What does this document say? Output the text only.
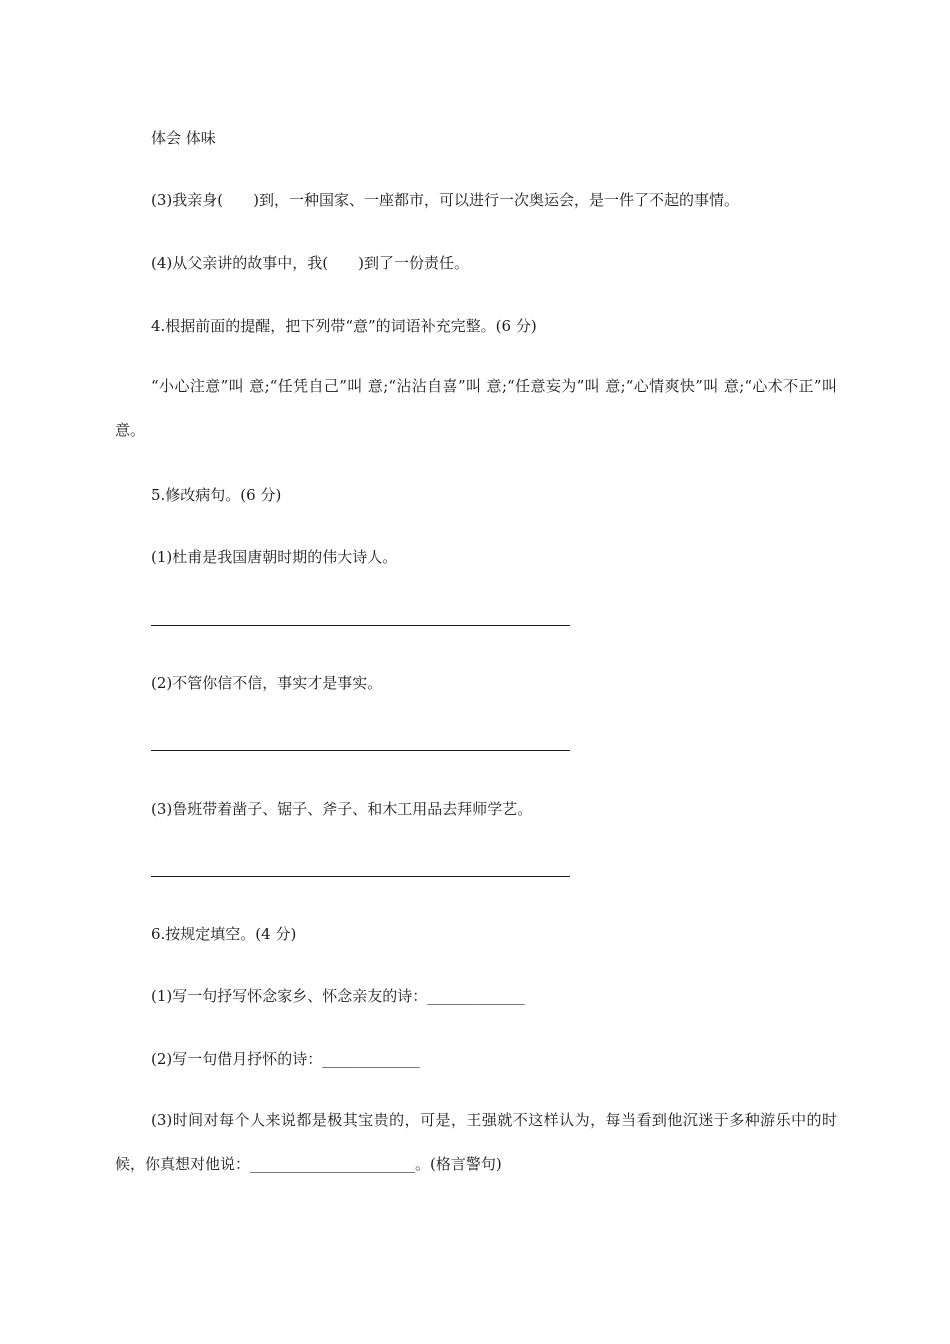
体会 体味
(3)我亲身(　　)到，一种国家、一座都市，可以进行一次奥运会，是一件了不起的事情。
(4)从父亲讲的故事中，我(　　)到了一份责任。
4.根据前面的提醒，把下列带“意”的词语补充完整。(6 分)
“小心注意”叫 意;“任凭自己”叫 意;“沾沾自喜”叫 意;“任意妄为”叫 意;“心情爽快”叫 意;“心术不正”叫 意。
5.修改病句。(6 分)
(1)杜甫是我国唐朝时期的伟大诗人。
(2)不管你信不信，事实才是事实。
(3)鲁班带着凿子、锯子、斧子、和木工用品去拜师学艺。
6.按规定填空。(4 分)
(1)写一句抒写怀念家乡、怀念亲友的诗：_____________
(2)写一句借月抒怀的诗：_____________
(3)时间对每个人来说都是极其宝贵的，可是，王强就不这样认为，每当看到他沉迷于多种游乐中的时候，你真想对他说：______________________。(格言警句)
